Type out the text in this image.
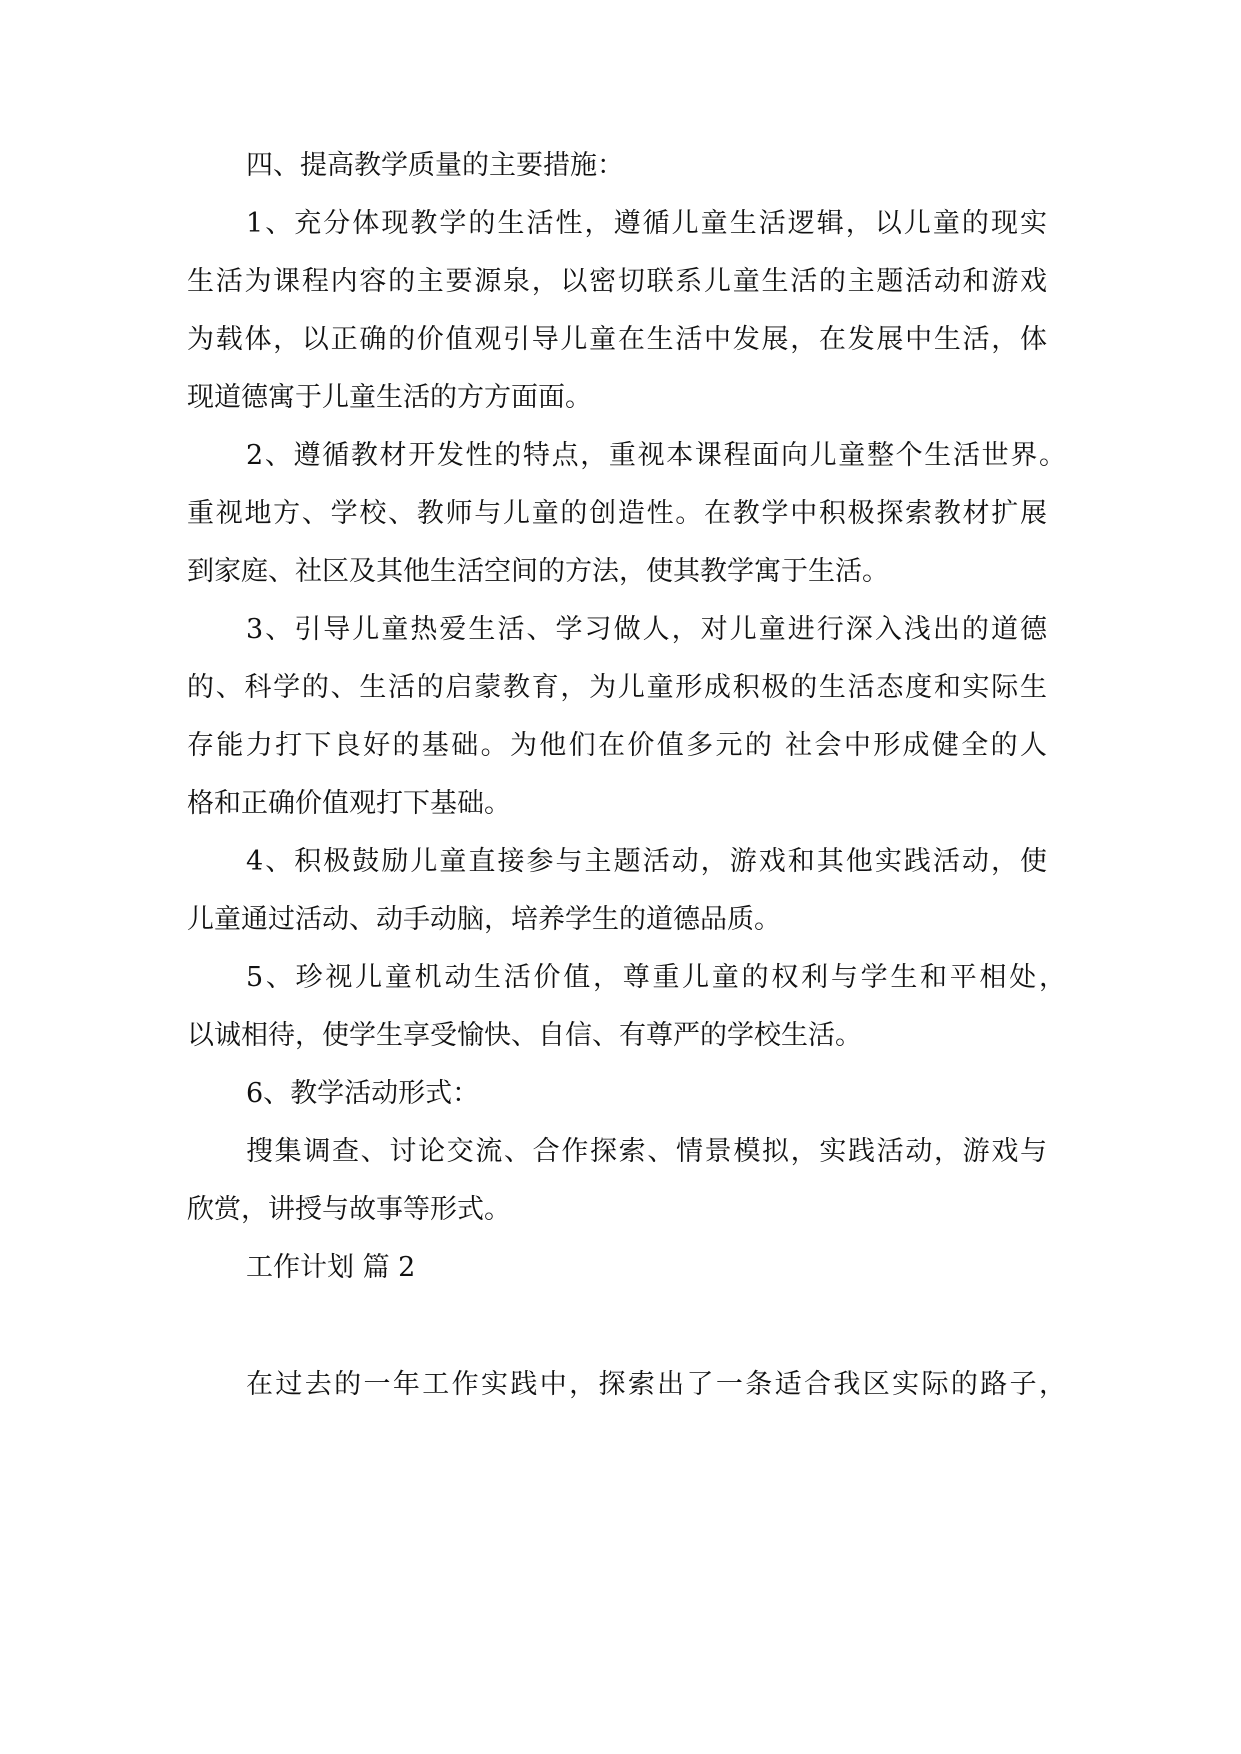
四、提高教学质量的主要措施：
1、充分体现教学的生活性，遵循儿童生活逻辑，以儿童的现实
生活为课程内容的主要源泉，以密切联系儿童生活的主题活动和游戏
为载体，以正确的价值观引导儿童在生活中发展，在发展中生活，体
现道德寓于儿童生活的方方面面。
2、遵循教材开发性的特点，重视本课程面向儿童整个生活世界。
重视地方、学校、教师与儿童的创造性。在教学中积极探索教材扩展
到家庭、社区及其他生活空间的方法，使其教学寓于生活。
3、引导儿童热爱生活、学习做人，对儿童进行深入浅出的道德
的、科学的、生活的启蒙教育，为儿童形成积极的生活态度和实际生
存能力打下良好的基础。为他们在价值多元的 社会中形成健全的人
格和正确价值观打下基础。
4、积极鼓励儿童直接参与主题活动，游戏和其他实践活动，使
儿童通过活动、动手动脑，培养学生的道德品质。
5、珍视儿童机动生活价值，尊重儿童的权利与学生和平相处，
以诚相待，使学生享受愉快、自信、有尊严的学校生活。
6、教学活动形式：
搜集调查、讨论交流、合作探索、情景模拟，实践活动，游戏与
欣赏，讲授与故事等形式。
工作计划 篇 2
在过去的一年工作实践中，探索出了一条适合我区实际的路子，
